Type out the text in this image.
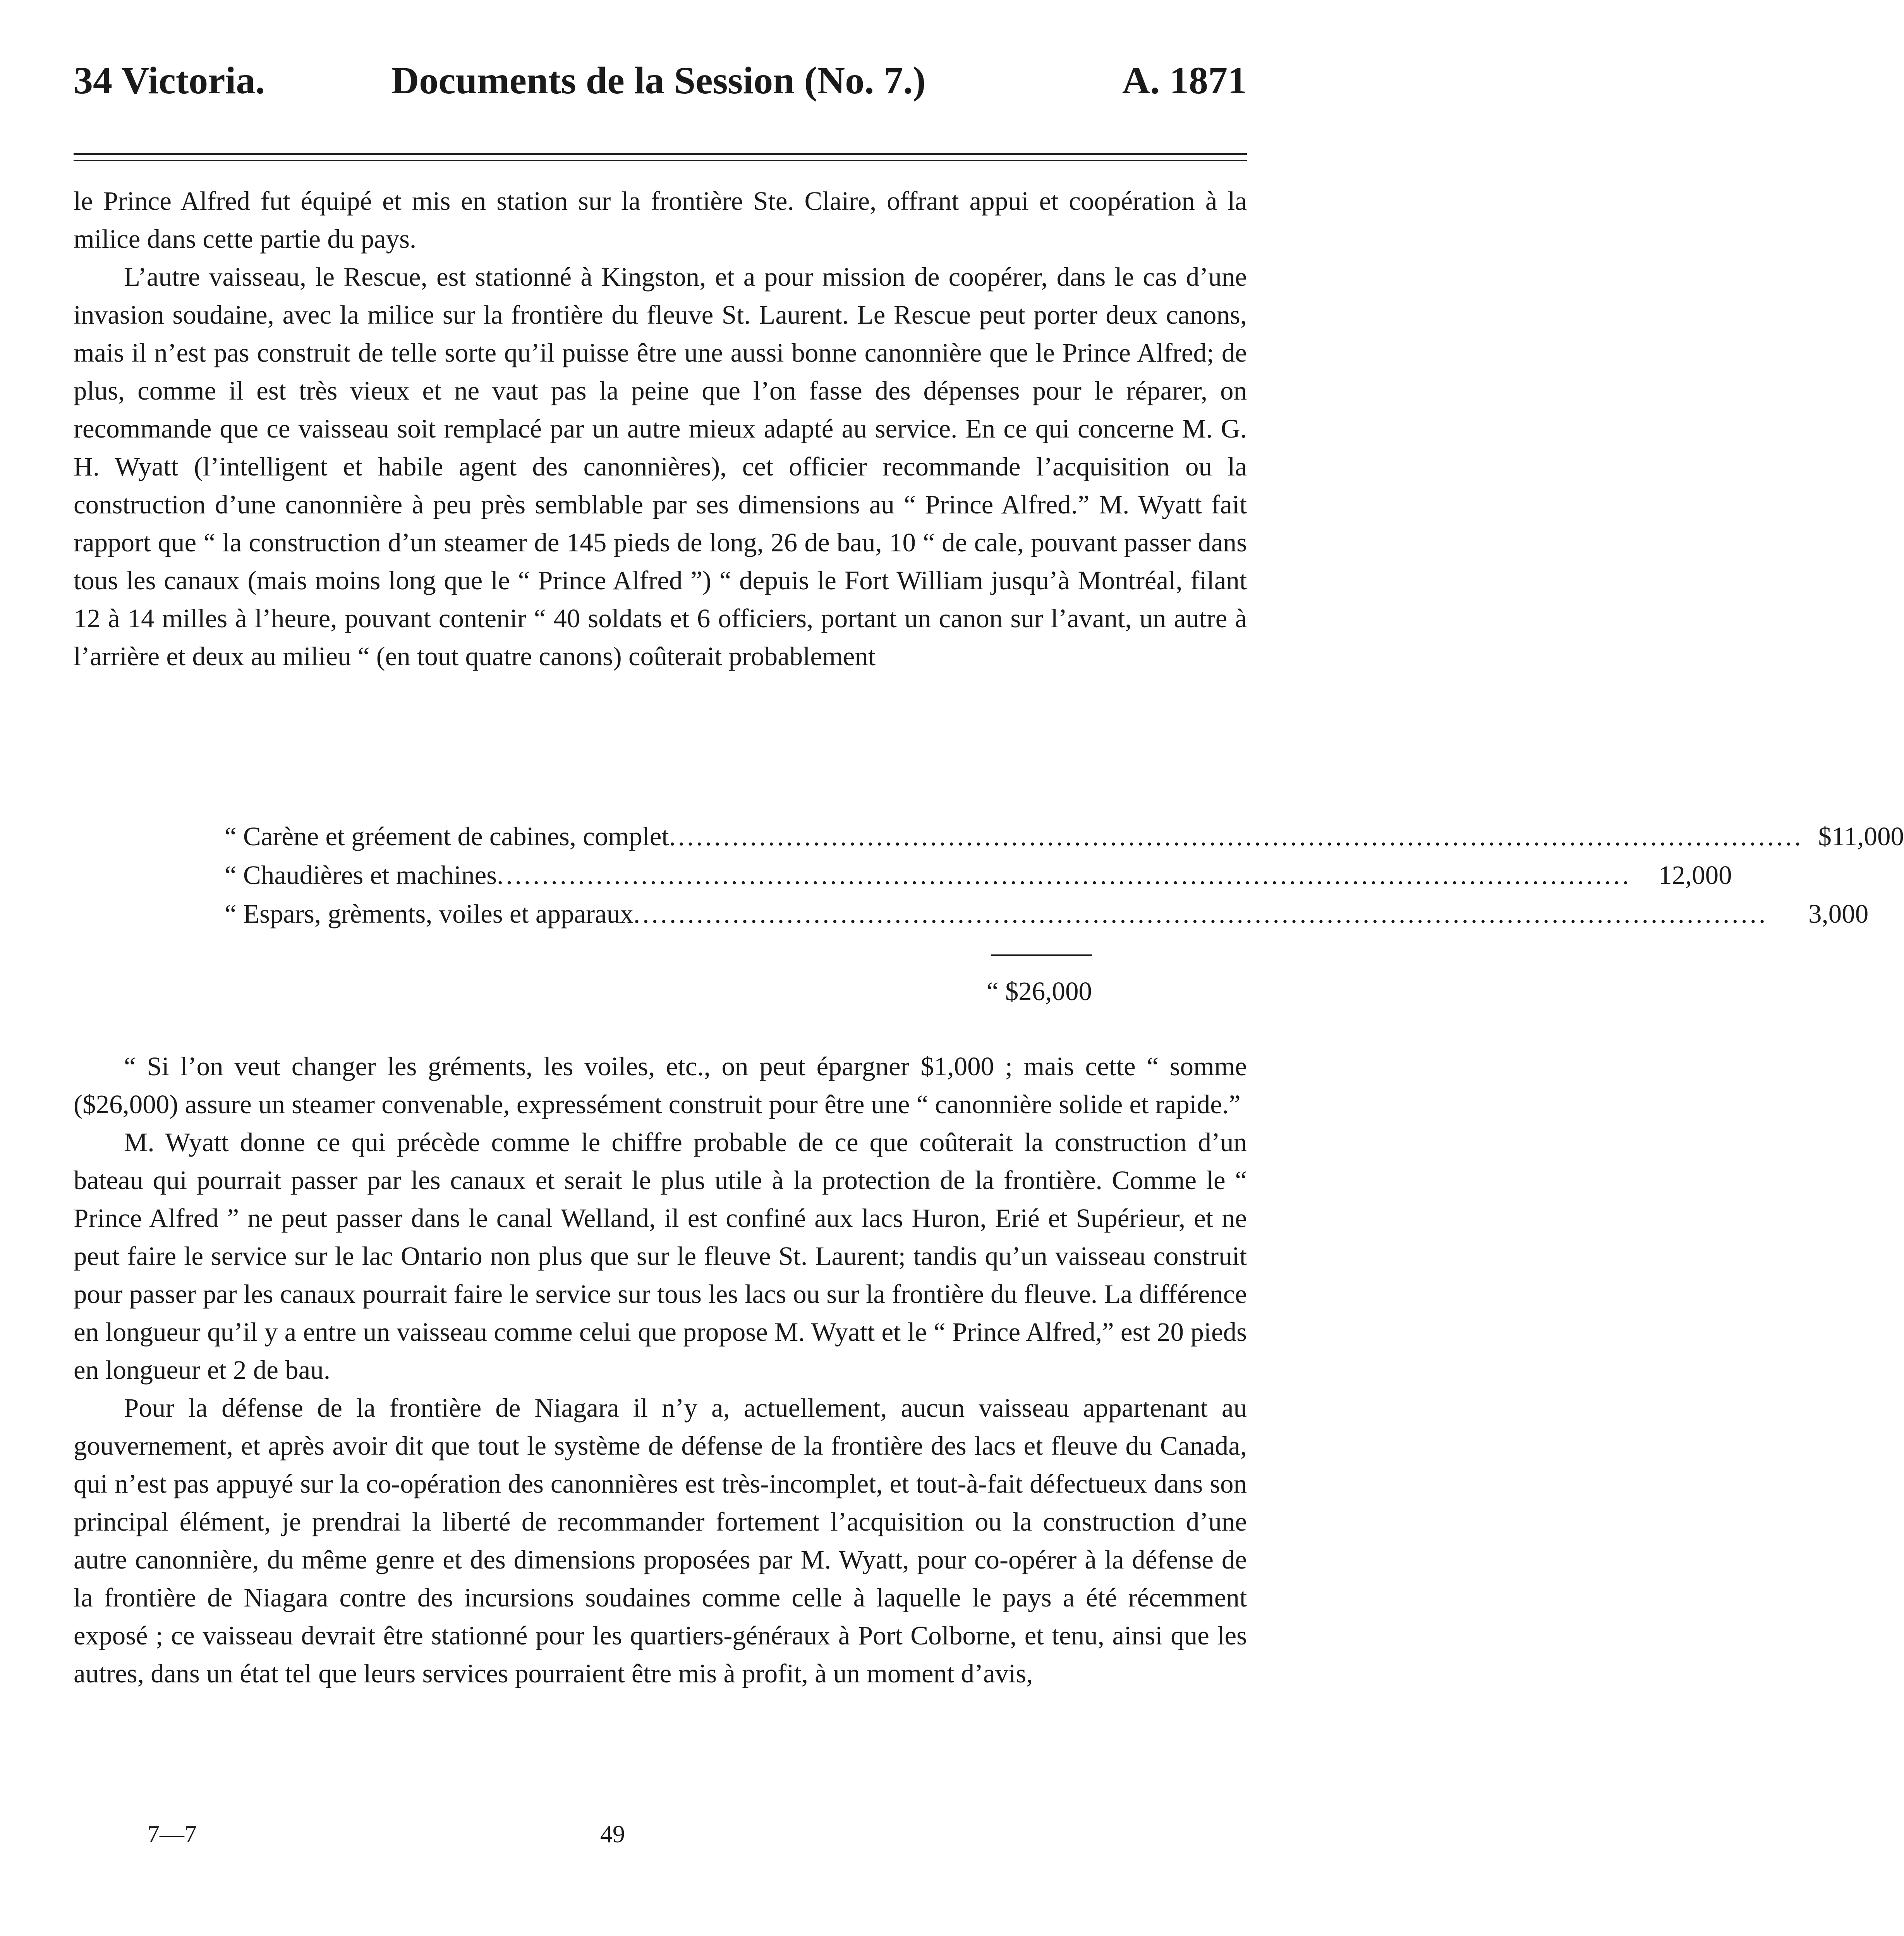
34 Victoria.	Documents de la Session (No. 7.)	A. 1871

le Prince Alfred fut équipé et mis en station sur la frontière Ste. Claire, offrant appui et coopération à la milice dans cette partie du pays.

L’autre vaisseau, le Rescue, est stationné à Kingston, et a pour mission de coopérer, dans le cas d’une invasion soudaine, avec la milice sur la frontière du fleuve St. Laurent. Le Rescue peut porter deux canons, mais il n’est pas construit de telle sorte qu’il puisse être une aussi bonne canonnière que le Prince Alfred; de plus, comme il est très vieux et ne vaut pas la peine que l’on fasse des dépenses pour le réparer, on recommande que ce vaisseau soit remplacé par un autre mieux adapté au service. En ce qui concerne M. G. H. Wyatt (l’intelligent et habile agent des canonnières), cet officier recommande l’acquisition ou la construction d’une canonnière à peu près semblable par ses dimensions au “ Prince Alfred.” M. Wyatt fait rapport que “ la construction d’un steamer de 145 pieds de long, 26 de bau, 10 “ de cale, pouvant passer dans tous les canaux (mais moins long que le “ Prince Alfred ”) “ depuis le Fort William jusqu’à Montréal, filant 12 à 14 milles à l’heure, pouvant contenir “ 40 soldats et 6 officiers, portant un canon sur l’avant, un autre à l’arrière et deux au milieu “ (en tout quatre canons) coûterait probablement

“ Carène et gréement de cabines, complet .............................................................................................................................. $11,000
“ Chaudières et machines ..............................................................................................................................	12,000
“ Espars, grèments, voiles et apparaux ..............................................................................................................................	3,000
“ $26,000

“ Si l’on veut changer les gréments, les voiles, etc., on peut épargner $1,000 ; mais cette “ somme ($26,000) assure un steamer convenable, expressément construit pour être une “ canonnière solide et rapide.”

M. Wyatt donne ce qui précède comme le chiffre probable de ce que coûterait la construction d’un bateau qui pourrait passer par les canaux et serait le plus utile à la protection de la frontière. Comme le “ Prince Alfred ” ne peut passer dans le canal Welland, il est confiné aux lacs Huron, Erié et Supérieur, et ne peut faire le service sur le lac Ontario non plus que sur le fleuve St. Laurent; tandis qu’un vaisseau construit pour passer par les canaux pourrait faire le service sur tous les lacs ou sur la frontière du fleuve. La différence en longueur qu’il y a entre un vaisseau comme celui que propose M. Wyatt et le “ Prince Alfred,” est 20 pieds en longueur et 2 de bau.

Pour la défense de la frontière de Niagara il n’y a, actuellement, aucun vaisseau appartenant au gouvernement, et après avoir dit que tout le système de défense de la frontière des lacs et fleuve du Canada, qui n’est pas appuyé sur la co-opération des canonnières est très-incomplet, et tout-à-fait défectueux dans son principal élément, je prendrai la liberté de recommander fortement l’acquisition ou la construction d’une autre canonnière, du même genre et des dimensions proposées par M. Wyatt, pour co-opérer à la défense de la frontière de Niagara contre des incursions soudaines comme celle à laquelle le pays a été récemment exposé ; ce vaisseau devrait être stationné pour les quartiers-généraux à Port Colborne, et tenu, ainsi que les autres, dans un état tel que leurs services pourraient être mis à profit, à un moment d’avis,

7—7	49
